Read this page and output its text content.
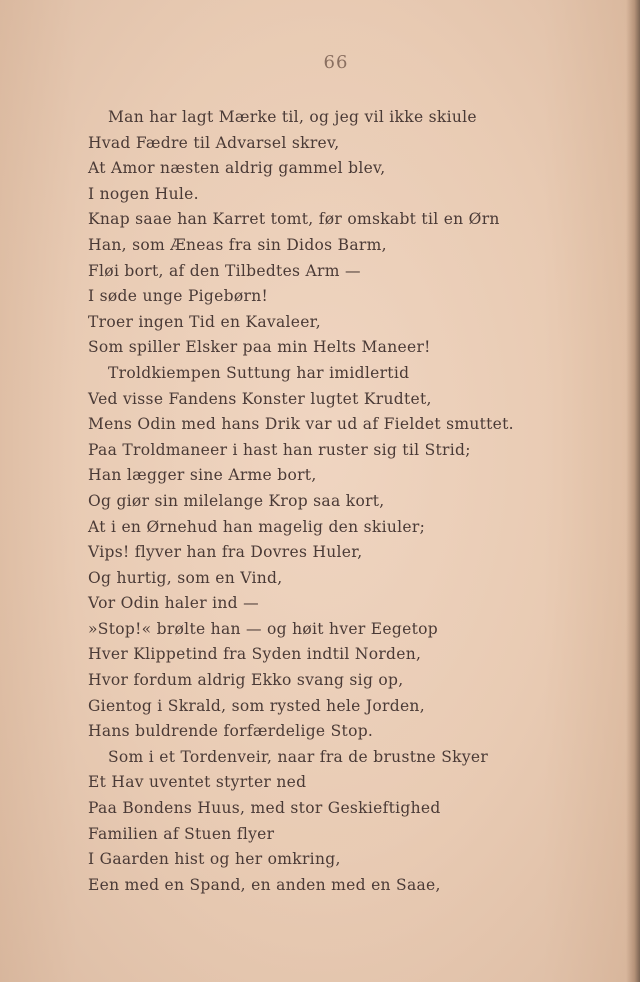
66
Man har lagt Mærke til, og jeg vil ikke skiule
Hvad Fædre til Advarsel skrev,
At Amor næsten aldrig gammel blev,
I nogen Hule.
Knap saae han Karret tomt, før omskabt til en Ørn
Han, som Æneas fra sin Didos Barm,
Fløi bort, af den Tilbedtes Arm —
I søde unge Pigebørn!
Troer ingen Tid en Kavaleer,
Som spiller Elsker paa min Helts Maneer!
Troldkiempen Suttung har imidlertid
Ved visse Fandens Konster lugtet Krudtet,
Mens Odin med hans Drik var ud af Fieldet smuttet.
Paa Troldmaneer i hast han ruster sig til Strid;
Han lægger sine Arme bort,
Og giør sin milelange Krop saa kort,
At i en Ørnehud han magelig den skiuler;
Vips! flyver han fra Dovres Huler,
Og hurtig, som en Vind,
Vor Odin haler ind —
»Stop!« brølte han — og høit hver Eegetop
Hver Klippetind fra Syden indtil Norden,
Hvor fordum aldrig Ekko svang sig op,
Gientog i Skrald, som rysted hele Jorden,
Hans buldrende forfærdelige Stop.
Som i et Tordenveir, naar fra de brustne Skyer
Et Hav uventet styrter ned
Paa Bondens Huus, med stor Geskieftighed
Familien af Stuen flyer
I Gaarden hist og her omkring,
Een med en Spand, en anden med en Saae,
